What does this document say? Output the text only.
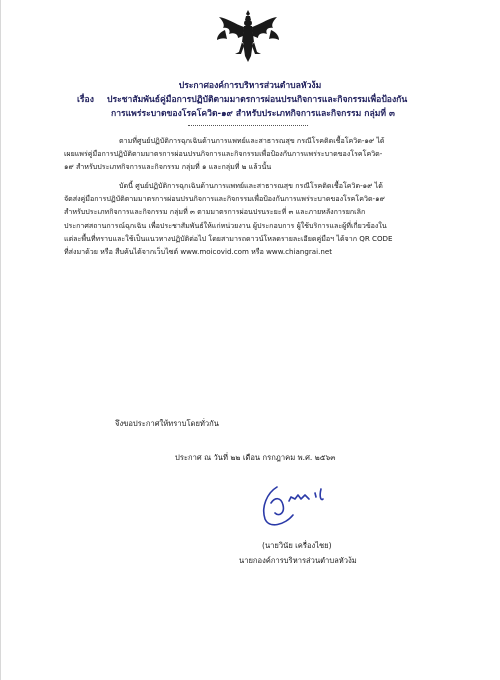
ประกาศองค์การบริหารส่วนตำบลหัวง้ม
เรื่อง ประชาสัมพันธ์คู่มือการปฏิบัติตามมาตรการผ่อนปรนกิจการและกิจกรรมเพื่อป้องกัน
การแพร่ระบาดของโรคโควิด-๑๙ สำหรับประเภทกิจการและกิจกรรม กลุ่มที่ ๓
ตามที่ศูนย์ปฏิบัติการฉุกเฉินด้านการแพทย์และสาธารณสุข กรณีโรคติดเชื้อโควิด-๑๙ ได้
เผยแพร่คู่มือการปฏิบัติตามมาตรการผ่อนปรนกิจการและกิจกรรมเพื่อป้องกันการแพร่ระบาดของโรคโควิด-
๑๙ สำหรับประเภทกิจการและกิจกรรม กลุ่มที่ ๑ และกลุ่มที่ ๒ แล้วนั้น
บัดนี้ ศูนย์ปฏิบัติการฉุกเฉินด้านการแพทย์และสาธารณสุข กรณีโรคติดเชื้อโควิด-๑๙ ได้
จัดส่งคู่มือการปฏิบัติตามมาตรการผ่อนปรนกิจการและกิจกรรมเพื่อป้องกันการแพร่ระบาดของโรคโควิด-๑๙
สำหรับประเภทกิจการและกิจกรรม กลุ่มที่ ๓ ตามมาตรการผ่อนปรนระยะที่ ๓ และภายหลังการยกเลิก
ประกาศสถานการณ์ฉุกเฉิน เพื่อประชาสัมพันธ์ให้แก่หน่วยงาน ผู้ประกอบการ ผู้ใช้บริการและผู้ที่เกี่ยวข้องใน
แต่ละพื้นที่ทราบและใช้เป็นแนวทางปฏิบัติต่อไป โดยสามารถดาวน์โหลดรายละเอียดคู่มือฯ ได้จาก QR CODE
ที่ส่งมาด้วย หรือ สืบค้นได้จากเว็บไซต์ www.moicovid.com หรือ www.chiangrai.net
จึงขอประกาศให้ทราบโดยทั่วกัน
ประกาศ ณ วันที่ ๒๒ เดือน กรกฎาคม พ.ศ. ๒๕๖๓
(นายวินัย เครื่องไชย)
นายกองค์การบริหารส่วนตำบลหัวง้ม
